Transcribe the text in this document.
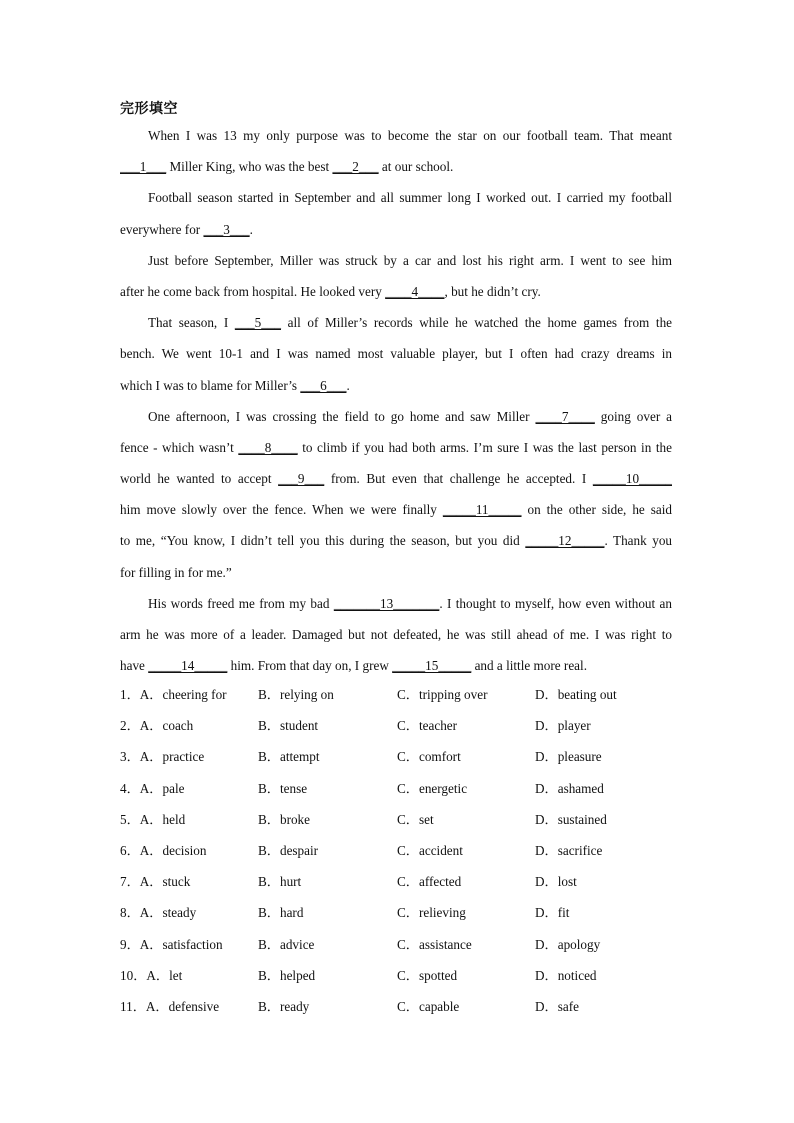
完形填空
When I was 13 my only purpose was to become the star on our football team. That meant
___1___ Miller King, who was the best ___2___ at our school.
Football season started in September and all summer long I worked out. I carried my football
everywhere for ___3___.
Just before September, Miller was struck by a car and lost his right arm. I went to see him
after he come back from hospital. He looked very ____4____, but he didn’t cry.
That season, I ___5___ all of Miller’s records while he watched the home games from the
bench. We went 10-1 and I was named most valuable player, but I often had crazy dreams in
which I was to blame for Miller’s ___6___.
One afternoon, I was crossing the field to go home and saw Miller ____7____ going over a
fence - which wasn’t ____8____ to climb if you had both arms. I’m sure I was the last person in the
world he wanted to accept ___9___ from. But even that challenge he accepted. I _____10_____
him move slowly over the fence. When we were finally _____11_____ on the other side, he said
to me, “You know, I didn’t tell you this during the season, but you did _____12_____. Thank you
for filling in for me.”
His words freed me from my bad _______13_______. I thought to myself, how even without an
arm he was more of a leader. Damaged but not defeated, he was still ahead of me. I was right to
have _____14_____ him. From that day on, I grew _____15_____ and a little more real.
1．A．cheering for B．relying on	C．tripping over	D．beating out
2．A．coach	B．student	C．teacher	D．player
3．A．practice	B．attempt	C．comfort	D．pleasure
4．A．pale	B．tense	C．energetic	D．ashamed
5．A．held	B．broke	C．set	D．sustained
6．A．decision	B．despair	C．accident	D．sacrifice
7．A．stuck	B．hurt	C．affected	D．lost
8．A．steady	B．hard	C．relieving	D．fit
9．A．satisfaction	B．advice	C．assistance	D．apology
10．A．let	B．helped	C．spotted	D．noticed
11．A．defensive	B．ready	C．capable	D．safe
